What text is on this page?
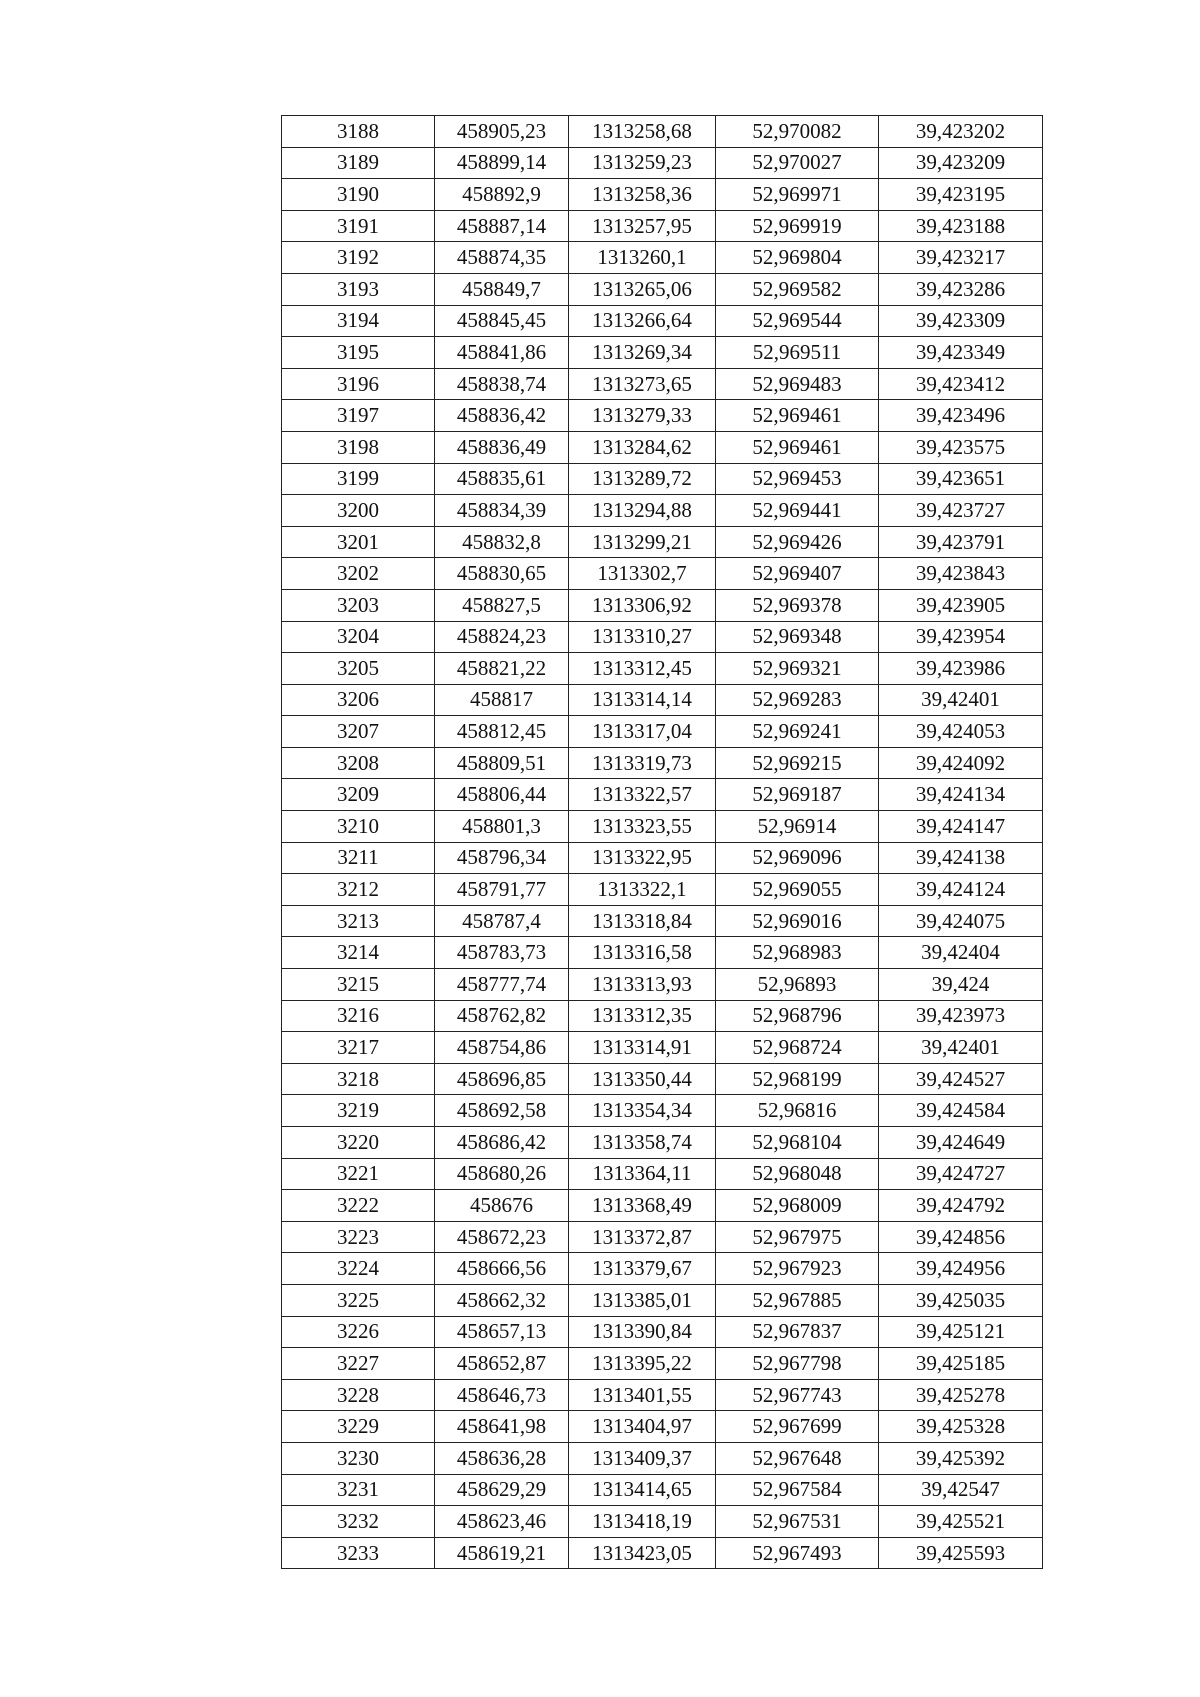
3188	458905,23	1313258,68	52,970082	39,423202
3189	458899,14	1313259,23	52,970027	39,423209
3190	458892,9	1313258,36	52,969971	39,423195
3191	458887,14	1313257,95	52,969919	39,423188
3192	458874,35	1313260,1	52,969804	39,423217
3193	458849,7	1313265,06	52,969582	39,423286
3194	458845,45	1313266,64	52,969544	39,423309
3195	458841,86	1313269,34	52,969511	39,423349
3196	458838,74	1313273,65	52,969483	39,423412
3197	458836,42	1313279,33	52,969461	39,423496
3198	458836,49	1313284,62	52,969461	39,423575
3199	458835,61	1313289,72	52,969453	39,423651
3200	458834,39	1313294,88	52,969441	39,423727
3201	458832,8	1313299,21	52,969426	39,423791
3202	458830,65	1313302,7	52,969407	39,423843
3203	458827,5	1313306,92	52,969378	39,423905
3204	458824,23	1313310,27	52,969348	39,423954
3205	458821,22	1313312,45	52,969321	39,423986
3206	458817	1313314,14	52,969283	39,42401
3207	458812,45	1313317,04	52,969241	39,424053
3208	458809,51	1313319,73	52,969215	39,424092
3209	458806,44	1313322,57	52,969187	39,424134
3210	458801,3	1313323,55	52,96914	39,424147
3211	458796,34	1313322,95	52,969096	39,424138
3212	458791,77	1313322,1	52,969055	39,424124
3213	458787,4	1313318,84	52,969016	39,424075
3214	458783,73	1313316,58	52,968983	39,42404
3215	458777,74	1313313,93	52,96893	39,424
3216	458762,82	1313312,35	52,968796	39,423973
3217	458754,86	1313314,91	52,968724	39,42401
3218	458696,85	1313350,44	52,968199	39,424527
3219	458692,58	1313354,34	52,96816	39,424584
3220	458686,42	1313358,74	52,968104	39,424649
3221	458680,26	1313364,11	52,968048	39,424727
3222	458676	1313368,49	52,968009	39,424792
3223	458672,23	1313372,87	52,967975	39,424856
3224	458666,56	1313379,67	52,967923	39,424956
3225	458662,32	1313385,01	52,967885	39,425035
3226	458657,13	1313390,84	52,967837	39,425121
3227	458652,87	1313395,22	52,967798	39,425185
3228	458646,73	1313401,55	52,967743	39,425278
3229	458641,98	1313404,97	52,967699	39,425328
3230	458636,28	1313409,37	52,967648	39,425392
3231	458629,29	1313414,65	52,967584	39,42547
3232	458623,46	1313418,19	52,967531	39,425521
3233	458619,21	1313423,05	52,967493	39,425593
